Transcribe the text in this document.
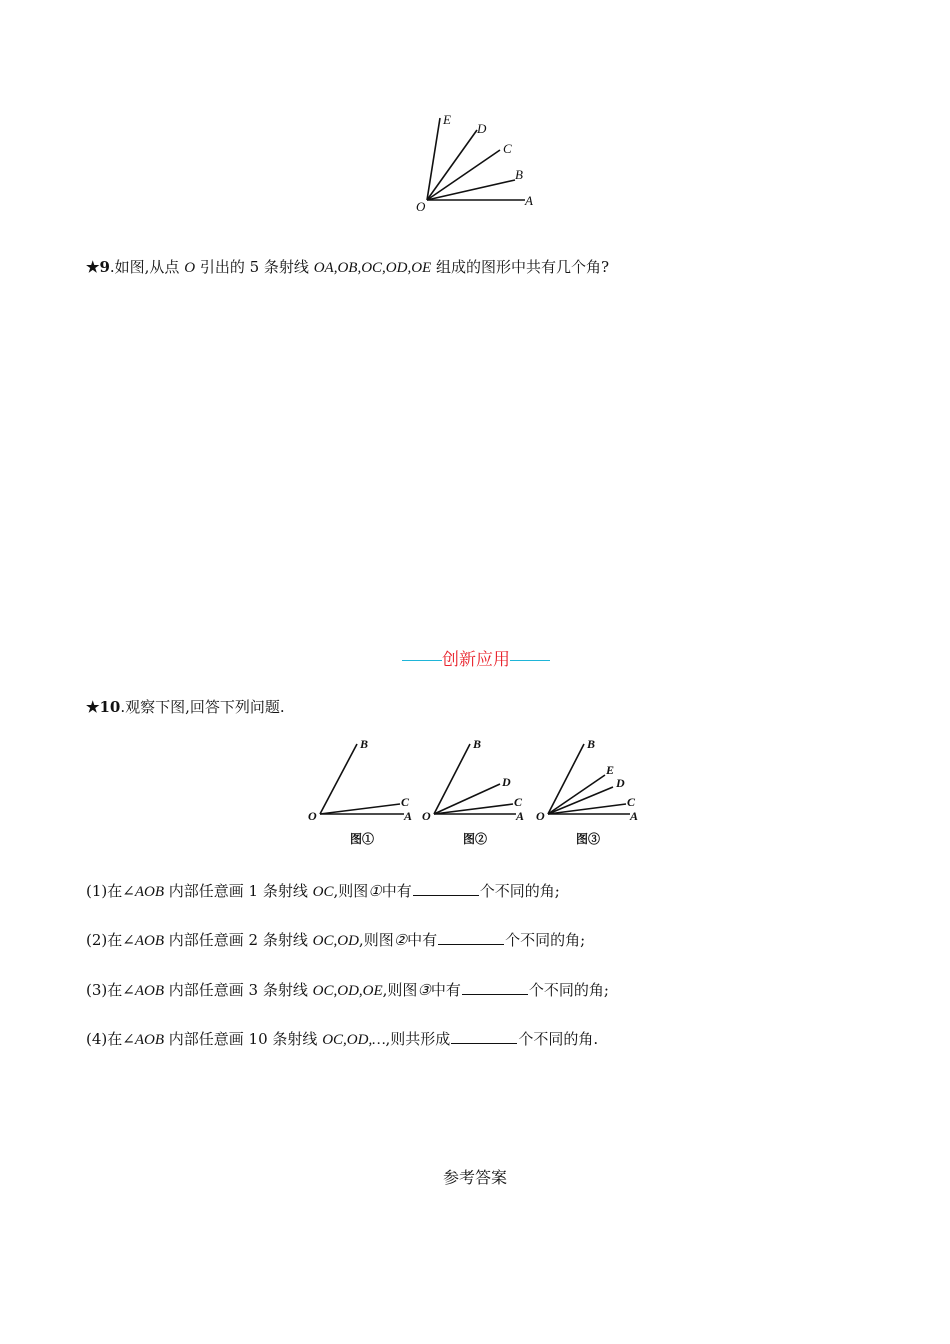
O	A
B
C
D
E
★9.如图,从点 O 引出的 5 条射线 OA,OB,OC,OD,OE 组成的图形中共有几个角?
创新应用
★10.观察下图,回答下列问题.
O	A
B
C
O	A
B
C
D
O	A
B
C
D
E
图①	图②	图③
(1)在∠AOB 内部任意画 1 条射线 OC,则图①中有	个不同的角;
(2)在∠AOB 内部任意画 2 条射线 OC,OD,则图②中有	个不同的角;
(3)在∠AOB 内部任意画 3 条射线 OC,OD,OE,则图③中有	个不同的角;
(4)在∠AOB 内部任意画 10 条射线 OC,OD,…,则共形成	个不同的角.
参考答案
